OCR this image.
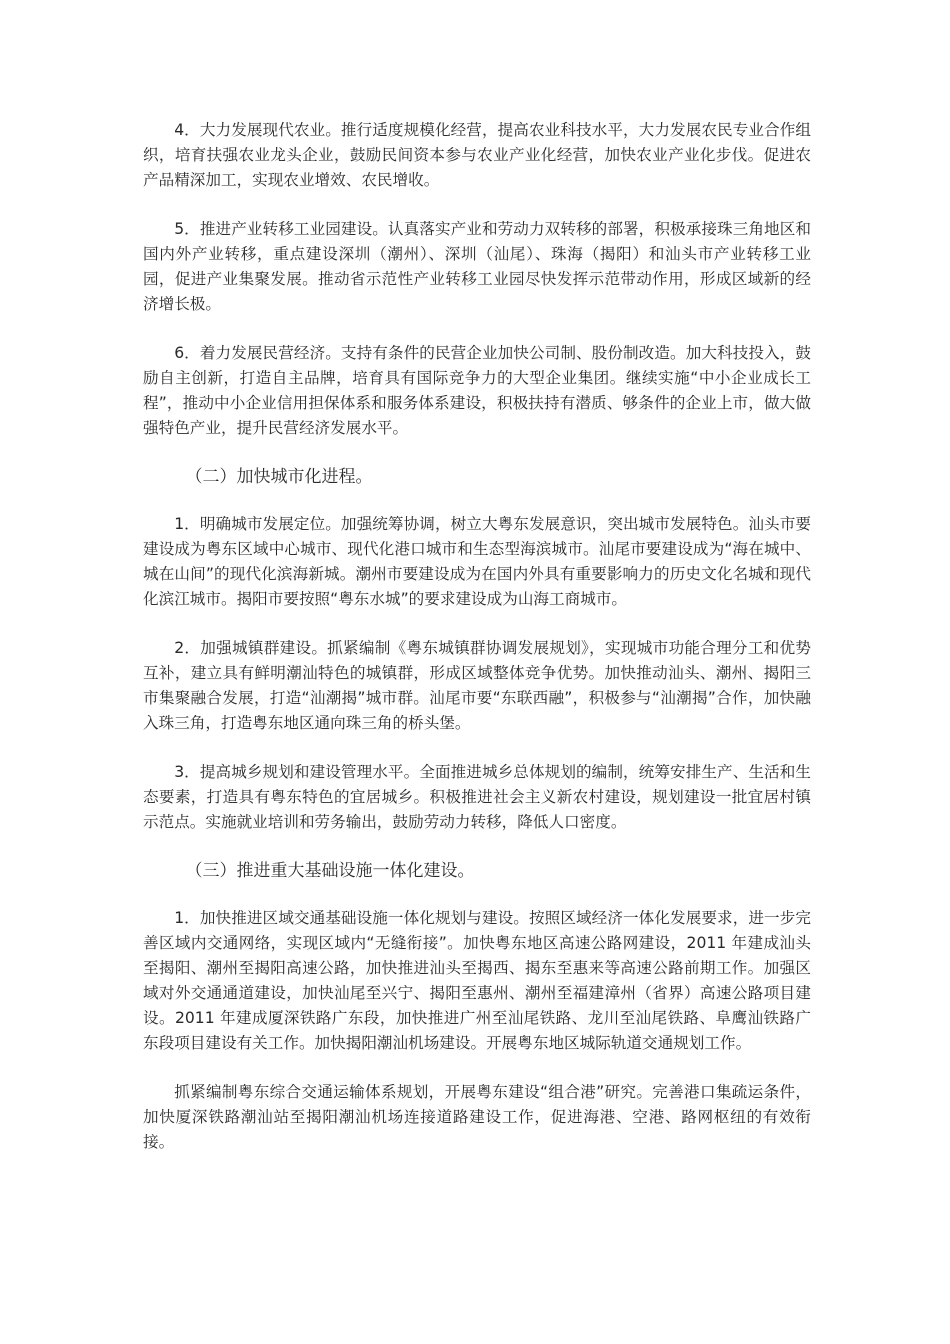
4．大力发展现代农业。推行适度规模化经营，提高农业科技水平，大力发展农民专业合作组织，培育扶强农业龙头企业，鼓励民间资本参与农业产业化经营，加快农业产业化步伐。促进农产品精深加工，实现农业增效、农民增收。

5．推进产业转移工业园建设。认真落实产业和劳动力双转移的部署，积极承接珠三角地区和国内外产业转移，重点建设深圳（潮州）、深圳（汕尾）、珠海（揭阳）和汕头市产业转移工业园，促进产业集聚发展。推动省示范性产业转移工业园尽快发挥示范带动作用，形成区域新的经济增长极。

6．着力发展民营经济。支持有条件的民营企业加快公司制、股份制改造。加大科技投入，鼓励自主创新，打造自主品牌，培育具有国际竞争力的大型企业集团。继续实施“中小企业成长工程”，推动中小企业信用担保体系和服务体系建设，积极扶持有潜质、够条件的企业上市，做大做强特色产业，提升民营经济发展水平。

（二）加快城市化进程。

1．明确城市发展定位。加强统筹协调，树立大粤东发展意识，突出城市发展特色。汕头市要建设成为粤东区域中心城市、现代化港口城市和生态型海滨城市。汕尾市要建设成为“海在城中、城在山间”的现代化滨海新城。潮州市要建设成为在国内外具有重要影响力的历史文化名城和现代化滨江城市。揭阳市要按照“粤东水城”的要求建设成为山海工商城市。

2．加强城镇群建设。抓紧编制《粤东城镇群协调发展规划》，实现城市功能合理分工和优势互补，建立具有鲜明潮汕特色的城镇群，形成区域整体竞争优势。加快推动汕头、潮州、揭阳三市集聚融合发展，打造“汕潮揭”城市群。汕尾市要“东联西融”，积极参与“汕潮揭”合作，加快融入珠三角，打造粤东地区通向珠三角的桥头堡。

3．提高城乡规划和建设管理水平。全面推进城乡总体规划的编制，统筹安排生产、生活和生态要素，打造具有粤东特色的宜居城乡。积极推进社会主义新农村建设，规划建设一批宜居村镇示范点。实施就业培训和劳务输出，鼓励劳动力转移，降低人口密度。

（三）推进重大基础设施一体化建设。

1．加快推进区域交通基础设施一体化规划与建设。按照区域经济一体化发展要求，进一步完善区域内交通网络，实现区域内“无缝衔接”。加快粤东地区高速公路网建设，2011 年建成汕头至揭阳、潮州至揭阳高速公路，加快推进汕头至揭西、揭东至惠来等高速公路前期工作。加强区域对外交通通道建设，加快汕尾至兴宁、揭阳至惠州、潮州至福建漳州（省界）高速公路项目建设。2011 年建成厦深铁路广东段，加快推进广州至汕尾铁路、龙川至汕尾铁路、阜鹰汕铁路广东段项目建设有关工作。加快揭阳潮汕机场建设。开展粤东地区城际轨道交通规划工作。

抓紧编制粤东综合交通运输体系规划，开展粤东建设“组合港”研究。完善港口集疏运条件，加快厦深铁路潮汕站至揭阳潮汕机场连接道路建设工作，促进海港、空港、路网枢纽的有效衔接。
